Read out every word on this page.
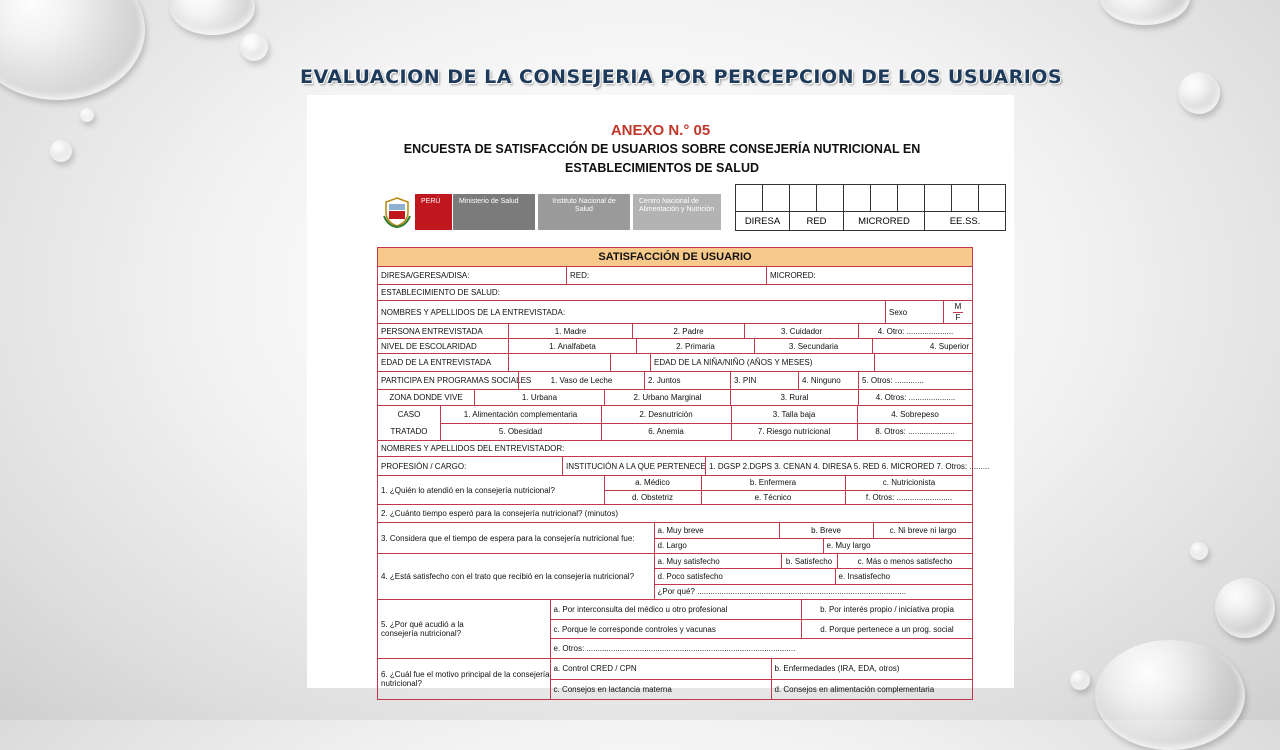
EVALUACION DE LA CONSEJERIA POR PERCEPCION DE LOS USUARIOS
ANEXO N.° 05
ENCUESTA DE SATISFACCIÓN DE USUARIOS SOBRE CONSEJERÍA NUTRICIONAL EN
ESTABLECIMIENTOS DE SALUD
PERÚ	Ministerio de Salud	Instituto Nacional de Salud
Centro Nacional de Alimentación y Nutrición

DIRESA		RED		MICRORED			EE.SS.		
SATISFACCIÓN DE USUARIO
DIRESA/GERESA/DISA:	RED:	MICRORED:
ESTABLECIMIENTO DE SALUD:
NOMBRES Y APELLIDOS DE LA ENTREVISTADA:	Sexo
M
F
PERSONA ENTREVISTADA	1. Madre	2. Padre	3. Cuidador	4. Otro: .....................
NIVEL DE ESCOLARIDAD	1. Analfabeta	2. Primaria	3. Secundaria	4. Superior
EDAD DE LA ENTREVISTADA	EDAD DE LA NIÑA/NIÑO (AÑOS Y MESES)
PARTICIPA EN PROGRAMAS SOCIALES	1. Vaso de Leche	2. Juntos	3. PIN	4. Ninguno	5. Otros: .............
ZONA DONDE VIVE	1. Urbana	2. Urbano Marginal	3. Rural	4. Otros: .....................
CASO
TRATADO
1. Alimentación complementaria	2. Desnutrición	3. Talla baja	4. Sobrepeso
5. Obesidad	6. Anemia	7. Riesgo nutricional	8. Otros: .....................
NOMBRES Y APELLIDOS DEL ENTREVISTADOR:
PROFESIÓN / CARGO:	INSTITUCIÓN A LA QUE PERTENECE 1. DGSP 2.DGPS 3. CENAN 4. DIRESA 5. RED 6. MICRORED 7. Otros: .........
1. ¿Quién lo atendió en la consejería nutricional?
a. Médico	b. Enfermera	c. Nutricionista
d. Obstetriz	e. Técnico	f. Otros: .........................
2. ¿Cuánto tiempo esperó para la consejería nutricional? (minutos)
3. Considera que el tiempo de espera para la consejería nutricional fue:
a. Muy breve	b. Breve	c. Ni breve ni largo
d. Largo	e. Muy largo
4. ¿Está satisfecho con el trato que recibió en la consejería nutricional?
a. Muy satisfecho	b. Satisfecho	c. Más o menos satisfecho
d. Poco satisfecho	e. Insatisfecho
¿Por qué? ..............................................................................................
5. ¿Por qué acudió a la
consejería nutricional?
a. Por interconsulta del médico u otro profesional	b. Por interés propio / iniciativa propia
c. Porque le corresponde controles y vacunas	d. Porque pertenece a un prog. social
e. Otros: ..............................................................................................
6. ¿Cuál fue el motivo principal de la consejería
nutricional?
a. Control CRED / CPN	b. Enfermedades (IRA, EDA, otros)
c. Consejos en lactancia materna	d. Consejos en alimentación complementaria
